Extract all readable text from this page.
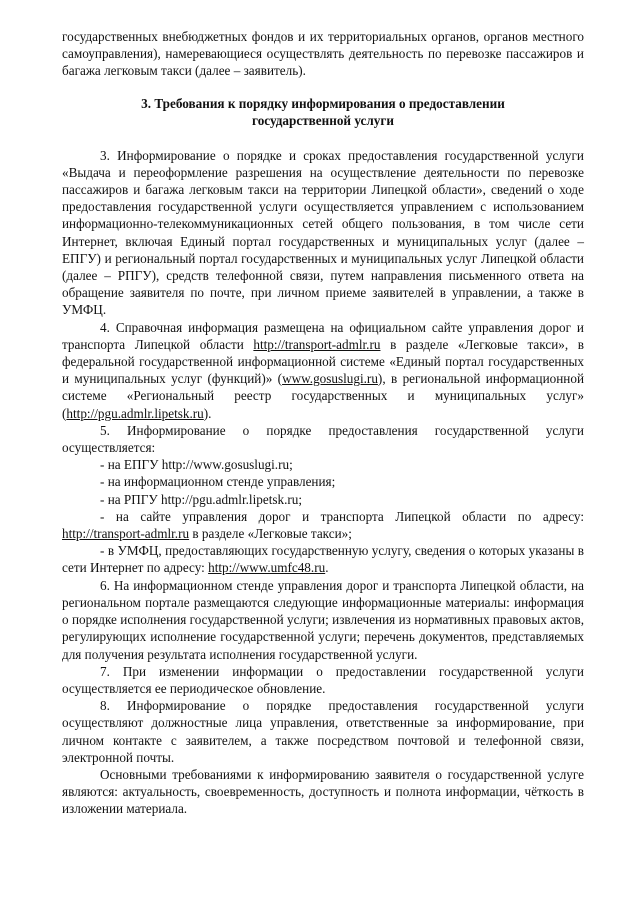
государственных внебюджетных фондов и их территориальных органов, органов местного самоуправления), намеревающиеся осуществлять деятельность по перевозке пассажиров и багажа легковым такси (далее – заявитель).

3. Требования к порядку информирования о предоставлении
государственной услуги

3. Информирование о порядке и сроках предоставления государственной услуги «Выдача и переоформление разрешения на осуществление деятельности по перевозке пассажиров и багажа легковым такси на территории Липецкой области», сведений о ходе предоставления государственной услуги осуществляется управлением с использованием информационно-телекоммуникационных сетей общего пользования, в том числе сети Интернет, включая Единый портал государственных и муниципальных услуг (далее – ЕПГУ) и региональный портал государственных и муниципальных услуг Липецкой области (далее – РПГУ), средств телефонной связи, путем направления письменного ответа на обращение заявителя по почте, при личном приеме заявителей в управлении, а также в УМФЦ.

4. Справочная информация размещена на официальном сайте управления дорог и транспорта Липецкой области http://transport-admlr.ru в разделе «Легковые такси», в федеральной государственной информационной системе «Единый портал государственных и муниципальных услуг (функций)» (www.gosuslugi.ru), в региональной информационной системе «Региональный реестр государственных и муниципальных услуг» (http://pgu.admlr.lipetsk.ru).

5. Информирование о порядке предоставления государственной услуги осуществляется:

- на ЕПГУ http://www.gosuslugi.ru;

- на информационном стенде управления;

- на РПГУ http://pgu.admlr.lipetsk.ru;

- на сайте управления дорог и транспорта Липецкой области по адресу: http://transport-admlr.ru в разделе «Легковые такси»;

- в УМФЦ, предоставляющих государственную услугу, сведения о которых указаны в сети Интернет по адресу: http://www.umfc48.ru.

6. На информационном стенде управления дорог и транспорта Липецкой области, на региональном портале размещаются следующие информационные материалы: информация о порядке исполнения государственной услуги; извлечения из нормативных правовых актов, регулирующих исполнение государственной услуги; перечень документов, представляемых для получения результата исполнения государственной услуги.

7. При изменении информации о предоставлении государственной услуги осуществляется ее периодическое обновление.

8. Информирование о порядке предоставления государственной услуги осуществляют должностные лица управления, ответственные за информирование, при личном контакте с заявителем, а также посредством почтовой и телефонной связи, электронной почты.

Основными требованиями к информированию заявителя о государственной услуге являются: актуальность, своевременность, доступность и полнота информации, чёткость в изложении материала.
